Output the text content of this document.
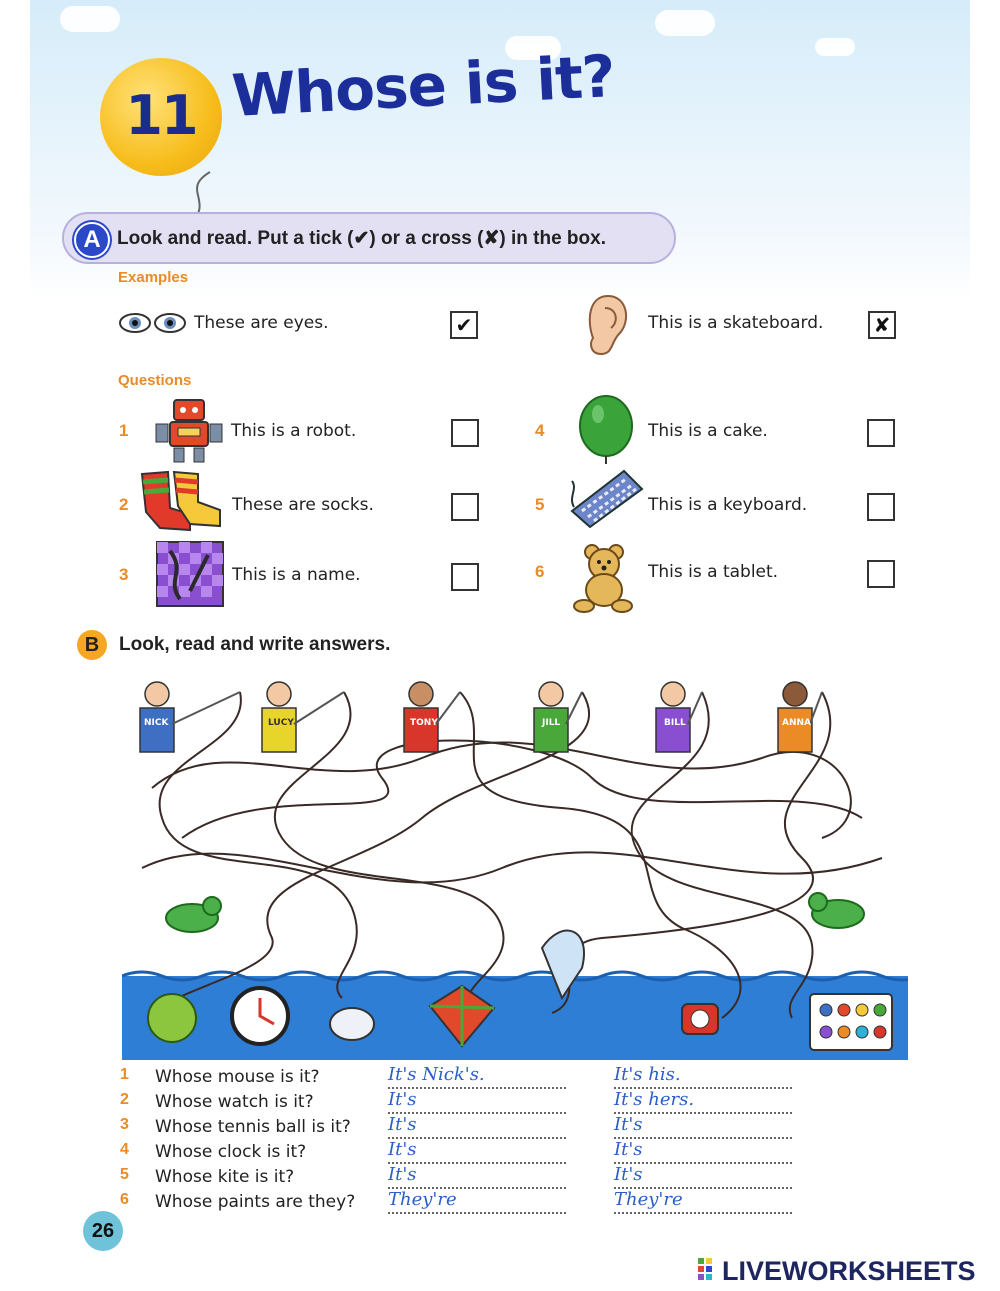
11 Whose is it?
A Look and read. Put a tick (✔) or a cross (✘) in the box.
Examples
These are eyes.	✔	This is a skateboard.	✘
Questions
1	This is a robot.
2	These are socks.
3	This is a name.
4	This is a cake.
5	This is a keyboard.
6	This is a tablet.
B	Look, read and write answers.
NICK	LUCY	TONY	JILL	BILL	ANNA
1 Whose mouse is it?	It's Nick's.	It's his.
2 Whose watch is it?	It's	It's hers.
3 Whose tennis ball is it? It's	It's
4 Whose clock is it?	It's	It's
5 Whose kite is it?	It's	It's
6 Whose paints are they? They're	They're
26
LIVEWORKSHEETS
